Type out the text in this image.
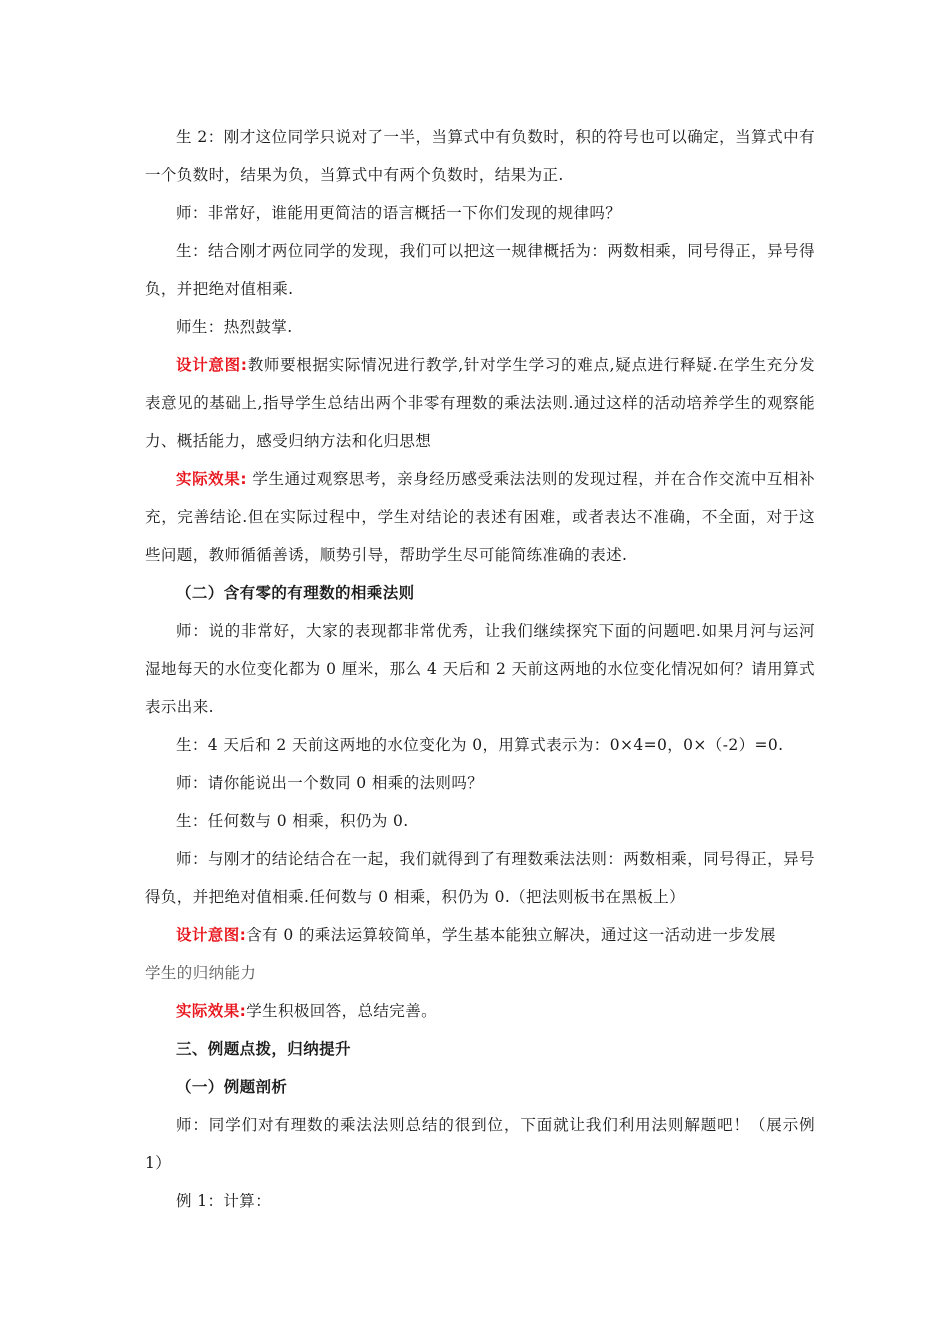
生 2：刚才这位同学只说对了一半，当算式中有负数时，积的符号也可以确定，当算式中有一个负数时，结果为负，当算式中有两个负数时，结果为正.

师：非常好，谁能用更简洁的语言概括一下你们发现的规律吗？

生：结合刚才两位同学的发现，我们可以把这一规律概括为：两数相乘，同号得正，异号得负，并把绝对值相乘.

师生：热烈鼓掌.

设计意图:教师要根据实际情况进行教学,针对学生学习的难点,疑点进行释疑.在学生充分发表意见的基础上,指导学生总结出两个非零有理数的乘法法则.通过这样的活动培养学生的观察能力、概括能力，感受归纳方法和化归思想

实际效果: 学生通过观察思考，亲身经历感受乘法法则的发现过程，并在合作交流中互相补充，完善结论.但在实际过程中，学生对结论的表述有困难，或者表达不准确，不全面，对于这些问题，教师循循善诱，顺势引导，帮助学生尽可能简练准确的表述.

（二）含有零的有理数的相乘法则

师：说的非常好，大家的表现都非常优秀，让我们继续探究下面的问题吧.如果月河与运河湿地每天的水位变化都为 0 厘米，那么 4 天后和 2 天前这两地的水位变化情况如何？请用算式表示出来.

生：4 天后和 2 天前这两地的水位变化为 0，用算式表示为：0×4=0，0×（-2）=0.

师：请你能说出一个数同 0 相乘的法则吗？

生：任何数与 0 相乘，积仍为 0.

师：与刚才的结论结合在一起，我们就得到了有理数乘法法则：两数相乘，同号得正，异号得负，并把绝对值相乘.任何数与 0 相乘，积仍为 0.（把法则板书在黑板上）

设计意图:含有 0 的乘法运算较简单，学生基本能独立解决，通过这一活动进一步发展

学生的归纳能力

实际效果:学生积极回答，总结完善。

三、例题点拨，归纳提升

（一）例题剖析

师：同学们对有理数的乘法法则总结的很到位，下面就让我们利用法则解题吧！（展示例 1）

例 1：计算：
